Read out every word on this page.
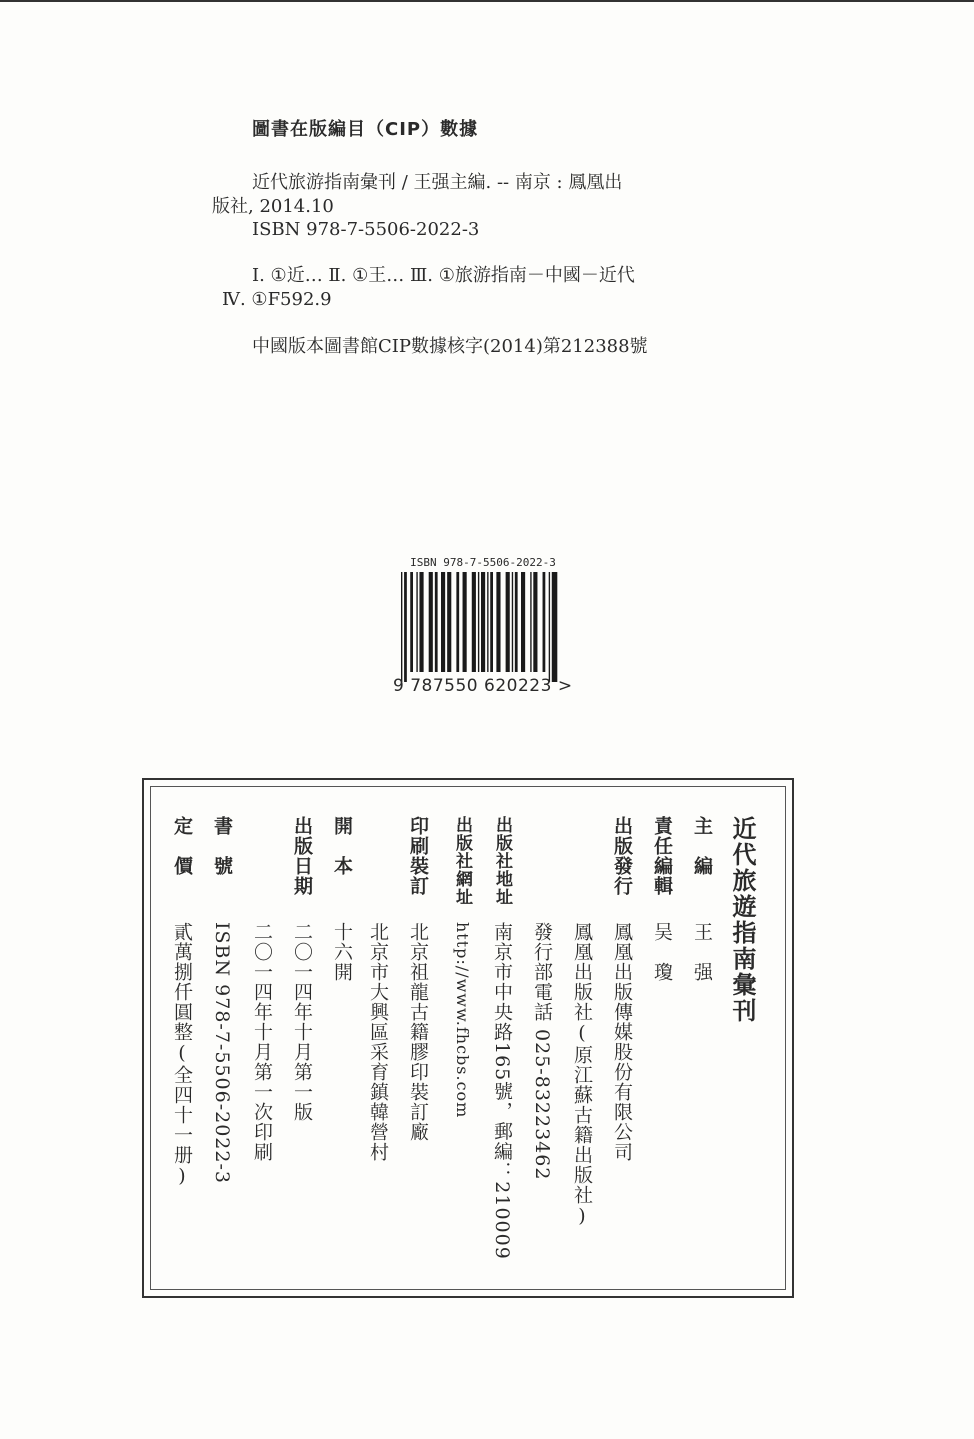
圖書在版編目（CIP）數據
近代旅游指南彙刊 / 王强主編. -- 南京 : 鳳凰出
版社, 2014.10
ISBN 978-7-5506-2022-3
Ⅰ. ①近… Ⅱ. ①王… Ⅲ. ①旅游指南－中國－近代
Ⅳ. ①F592.9
中國版本圖書館CIP數據核字(2014)第212388號
ISBN 978-7-5506-2022-3
9 787550 620223 >
近代旅遊指南彙刊
主　編
王　强
責任編輯
吴　瓊
出版發行
鳳凰出版傳媒股份有限公司
鳳凰出版社(原江蘇古籍出版社)
發行部電話 025-83223462
出版社地址
南京市中央路165號，郵編：210009
出版社網址
http://www.fhcbs.com
印刷裝訂
北京祖龍古籍膠印裝訂廠
北京市大興區采育鎮韓營村
開　本
十六開
出版日期
二〇一四年十月第一版
二〇一四年十月第一次印刷
書　號
ISBN 978-7-5506-2022-3
定　價
貳萬捌仟圓整(全四十一册)
